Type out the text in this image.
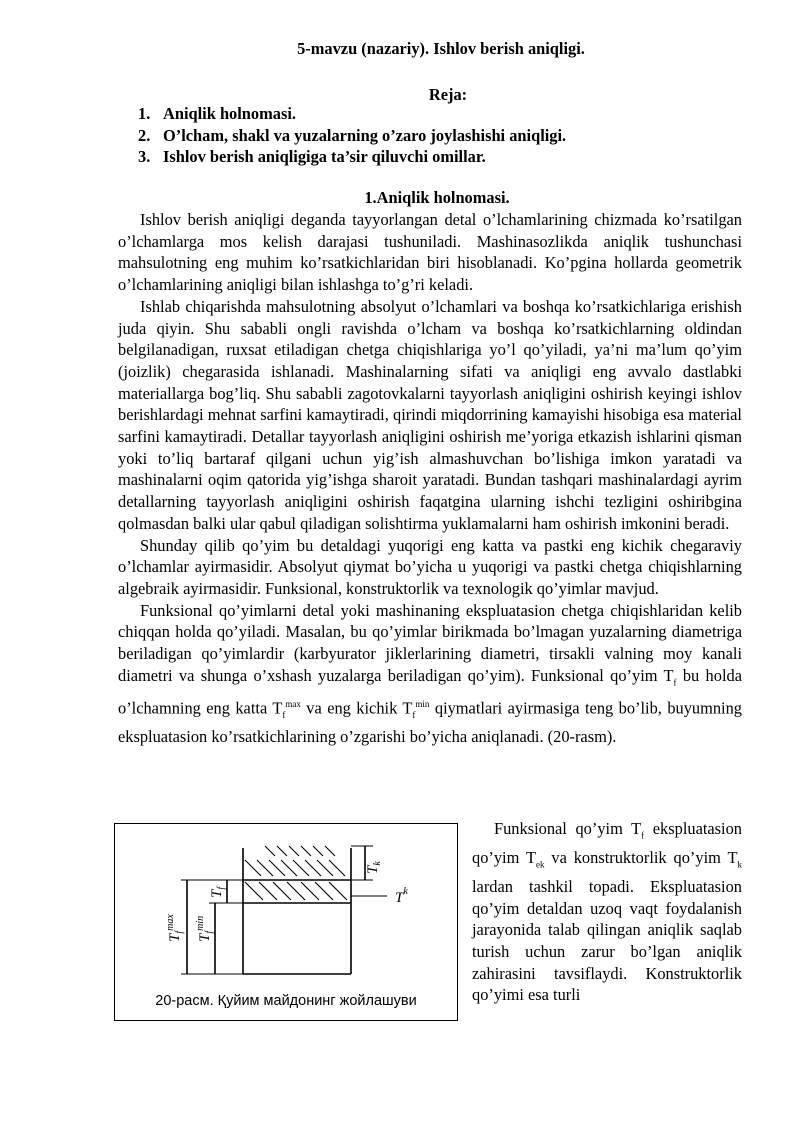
5-mavzu (nazariy). Ishlov berish aniqligi.
Reja:
1. Aniqlik holnomasi.
2. O’lcham, shakl va yuzalarning o’zaro joylashishi aniqligi.
3. Ishlov berish aniqligiga ta’sir qiluvchi omillar.
1.Aniqlik holnomasi.

Ishlov berish aniqligi deganda tayyorlangan detal o’lchamlarining chizmada ko’rsatilgan o’lchamlarga mos kelish darajasi tushuniladi. Mashinasozlikda aniqlik tushunchasi mahsulotning eng muhim ko’rsatkichlaridan biri hisoblanadi. Ko’pgina hollarda geometrik o’lchamlarining aniqligi bilan ishlashga to’g’ri keladi.

Ishlab chiqarishda mahsulotning absolyut o’lchamlari va boshqa ko’rsatkichlariga erishish juda qiyin. Shu sababli ongli ravishda o’lcham va boshqa ko’rsatkichlarning oldindan belgilanadigan, ruxsat etiladigan chetga chiqishlariga yo’l qo’yiladi, ya’ni ma’lum qo’yim (joizlik) chegarasida ishlanadi. Mashinalarning sifati va aniqligi eng avvalo dastlabki materiallarga bog’liq. Shu sababli zagotovkalarni tayyorlash aniqligini oshirish keyingi ishlov berishlardagi mehnat sarfini kamaytiradi, qirindi miqdorrining kamayishi hisobiga esa material sarfini kamaytiradi. Detallar tayyorlash aniqligini oshirish me’yoriga etkazish ishlarini qisman yoki to’liq bartaraf qilgani uchun yig’ish almashuvchan bo’lishiga imkon yaratadi va mashinalarni oqim qatorida yig’ishga sharoit yaratadi. Bundan tashqari mashinalardagi ayrim detallarning tayyorlash aniqligini oshirish faqatgina ularning ishchi tezligini oshiribgina qolmasdan balki ular qabul qiladigan solishtirma yuklamalarni ham oshirish imkonini beradi.

Shunday qilib qo’yim bu detaldagi yuqorigi eng katta va pastki eng kichik chegaraviy o’lchamlar ayirmasidir. Absolyut qiymat bo’yicha u yuqorigi va pastki chetga chiqishlarning algebraik ayirmasidir. Funksional, konstruktorlik va texnologik qo’yimlar mavjud.

Funksional qo’yimlarni detal yoki mashinaning ekspluatasion chetga chiqishlaridan kelib chiqqan holda qo’yiladi. Masalan, bu qo’yimlar birikmada bo’lmagan yuzalarning diametriga beriladigan qo’yimlardir (karbyurator jiklerlarining diametri, tirsakli valning moy kanali diametri va shunga o’xshash yuzalarga beriladigan qo’yim). Funksional qo’yim $T_f$ bu holda o’lchamning eng katta $T_f^{max}$ va eng kichik $T_f^{min}$ qiymatlari ayirmasiga teng bo’lib, buyumning ekspluatasion ko’rsatkichlarining o’zgarishi bo’yicha aniqlanadi. (20-rasm).

$T_f^{max}$
$T_f^{min}$
$T_f$
$T_k$
$T^k$
20-расм. Қуйим майдонинг жойлашуви

Funksional qo’yim $T_f$ ekspluatasion qo’yim $T_{ek}$ va konstruktorlik qo’yim $T_k$ lardan tashkil topadi. Ekspluatasion qo’yim detaldan uzoq vaqt foydalanish jarayonida talab qilingan aniqlik saqlab turish uchun zarur bo’lgan aniqlik zahirasini tavsiflaydi. Konstruktorlik qo’yimi esa turli
